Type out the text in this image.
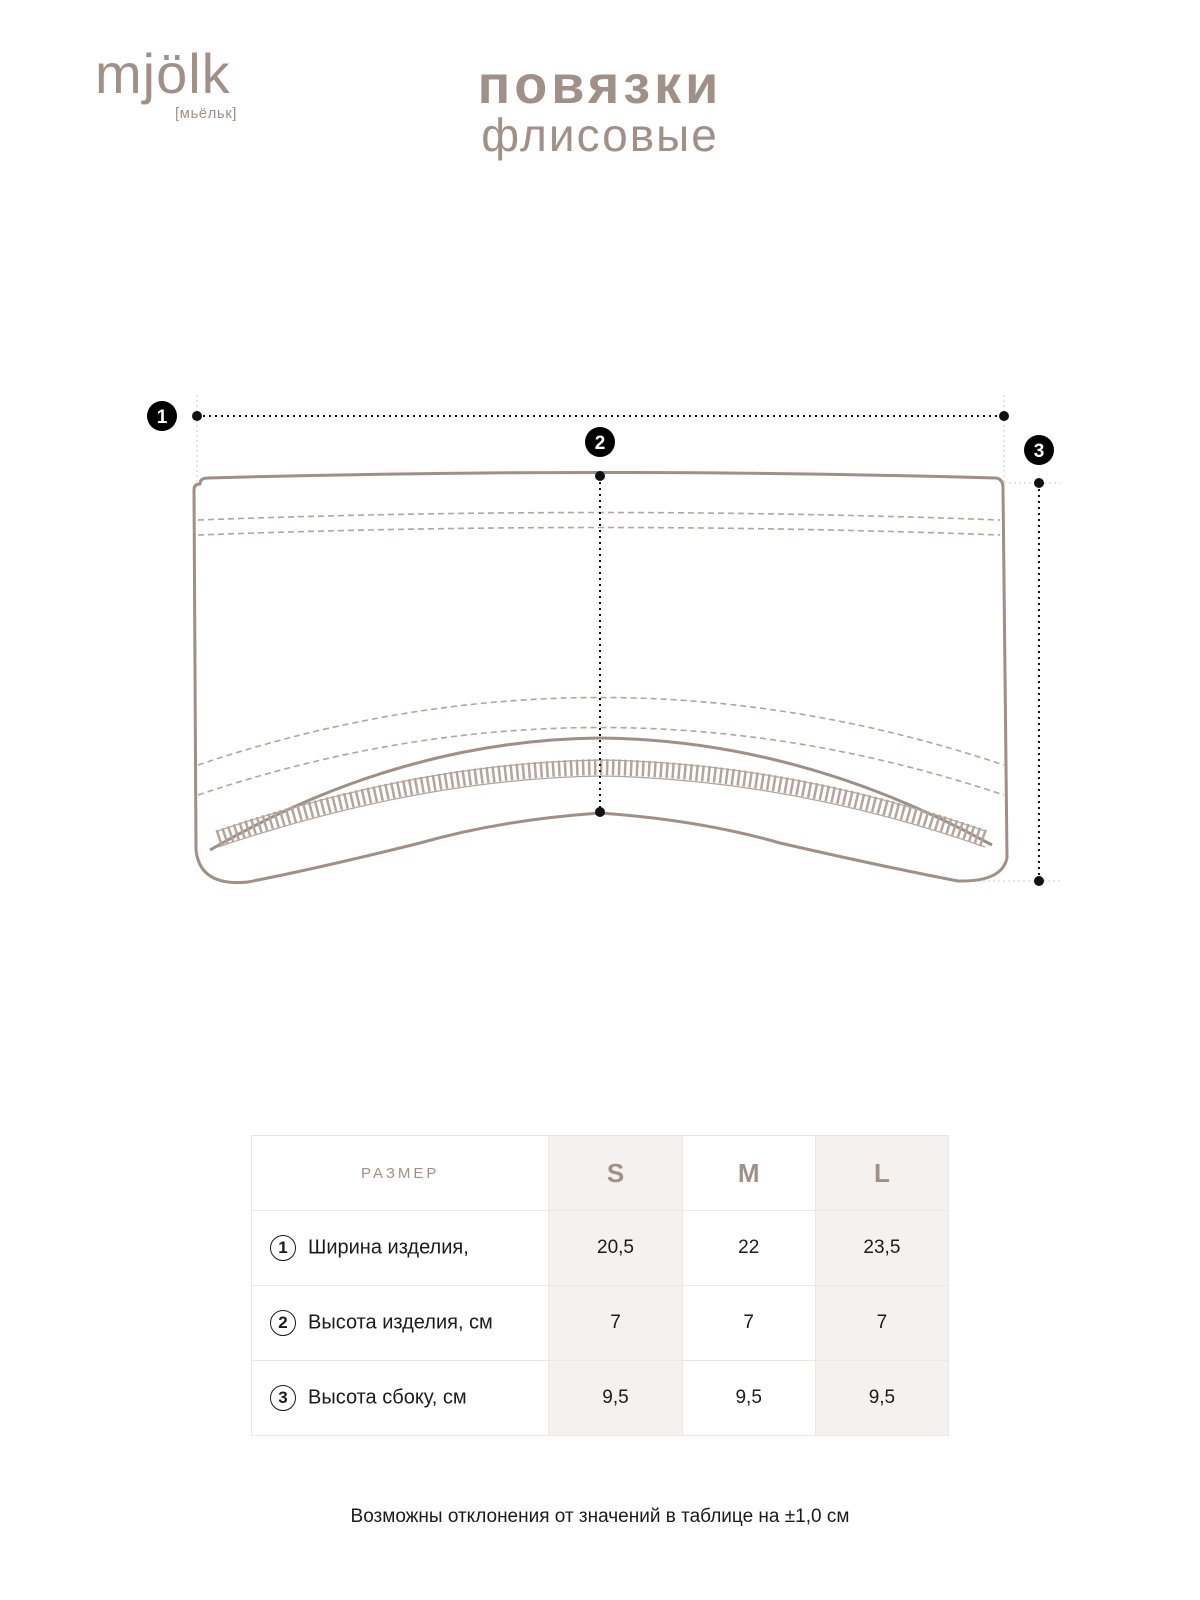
mjölk
[мьёльк]	повязки
флисовые
1
2	3
РАЗМЕР	S	M	L
1 Ширина изделия,	20,5	22	23,5
2 Высота изделия, см	7	7	7
3 Высота сбоку, см	9,5	9,5	9,5
Возможны отклонения от значений в таблице на ±1,0 см
